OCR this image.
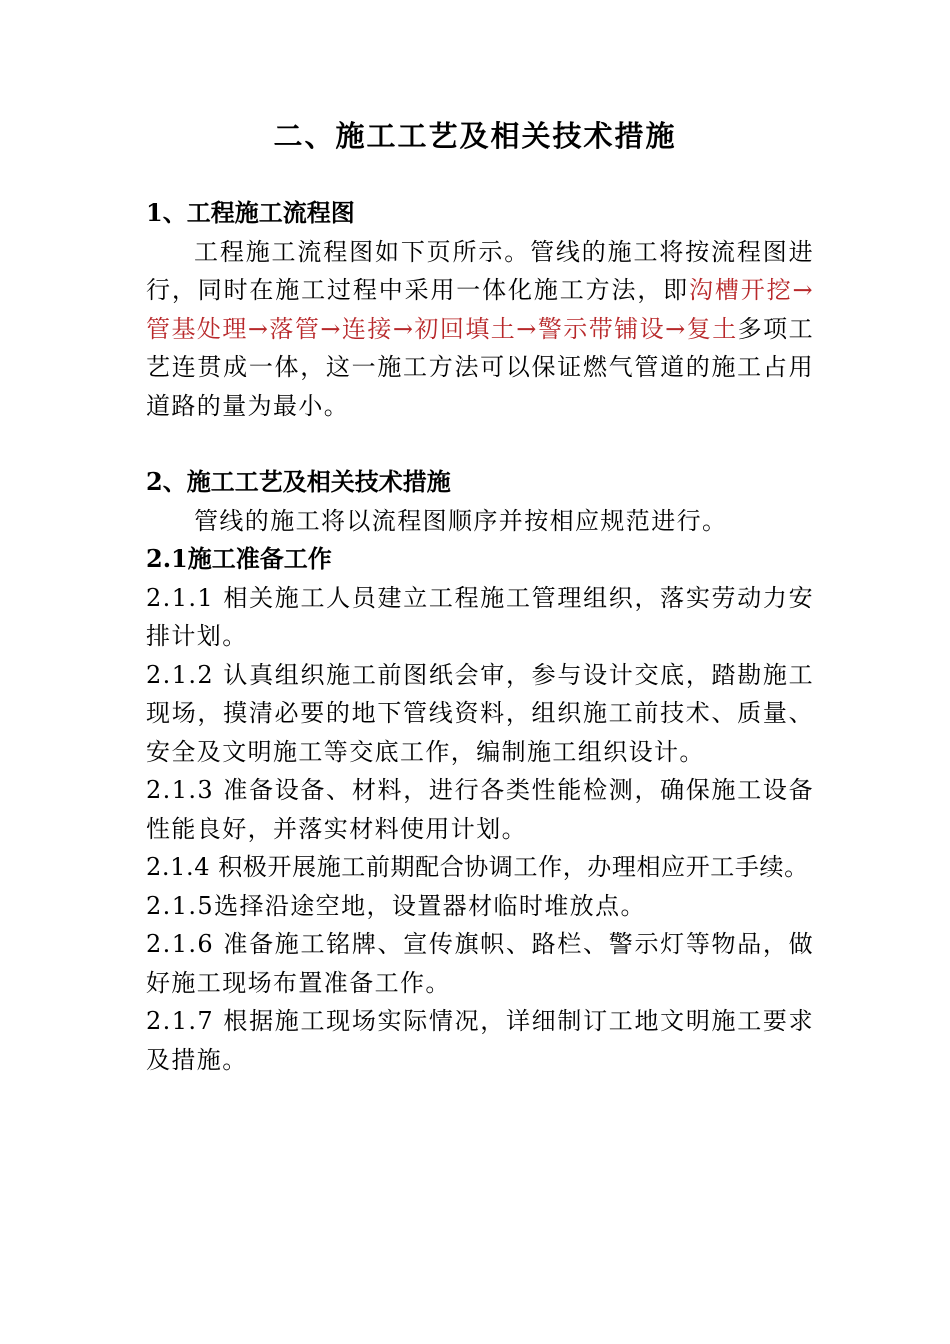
二、施工工艺及相关技术措施

1、工程施工流程图

工程施工流程图如下页所示。管线的施工将按流程图进行，同时在施工过程中采用一体化施工方法，即沟槽开挖→管基处理→落管→连接→初回填土→警示带铺设→复土多项工艺连贯成一体，这一施工方法可以保证燃气管道的施工占用道路的量为最小。

2、施工工艺及相关技术措施

管线的施工将以流程图顺序并按相应规范进行。

2.1施工准备工作

2.1.1 相关施工人员建立工程施工管理组织，落实劳动力安排计划。

2.1.2 认真组织施工前图纸会审，参与设计交底，踏勘施工现场，摸清必要的地下管线资料，组织施工前技术、质量、安全及文明施工等交底工作，编制施工组织设计。

2.1.3 准备设备、材料，进行各类性能检测，确保施工设备性能良好，并落实材料使用计划。

2.1.4 积极开展施工前期配合协调工作，办理相应开工手续。

2.1.5选择沿途空地，设置器材临时堆放点。

2.1.6 准备施工铭牌、宣传旗帜、路栏、警示灯等物品，做好施工现场布置准备工作。

2.1.7 根据施工现场实际情况，详细制订工地文明施工要求及措施。
